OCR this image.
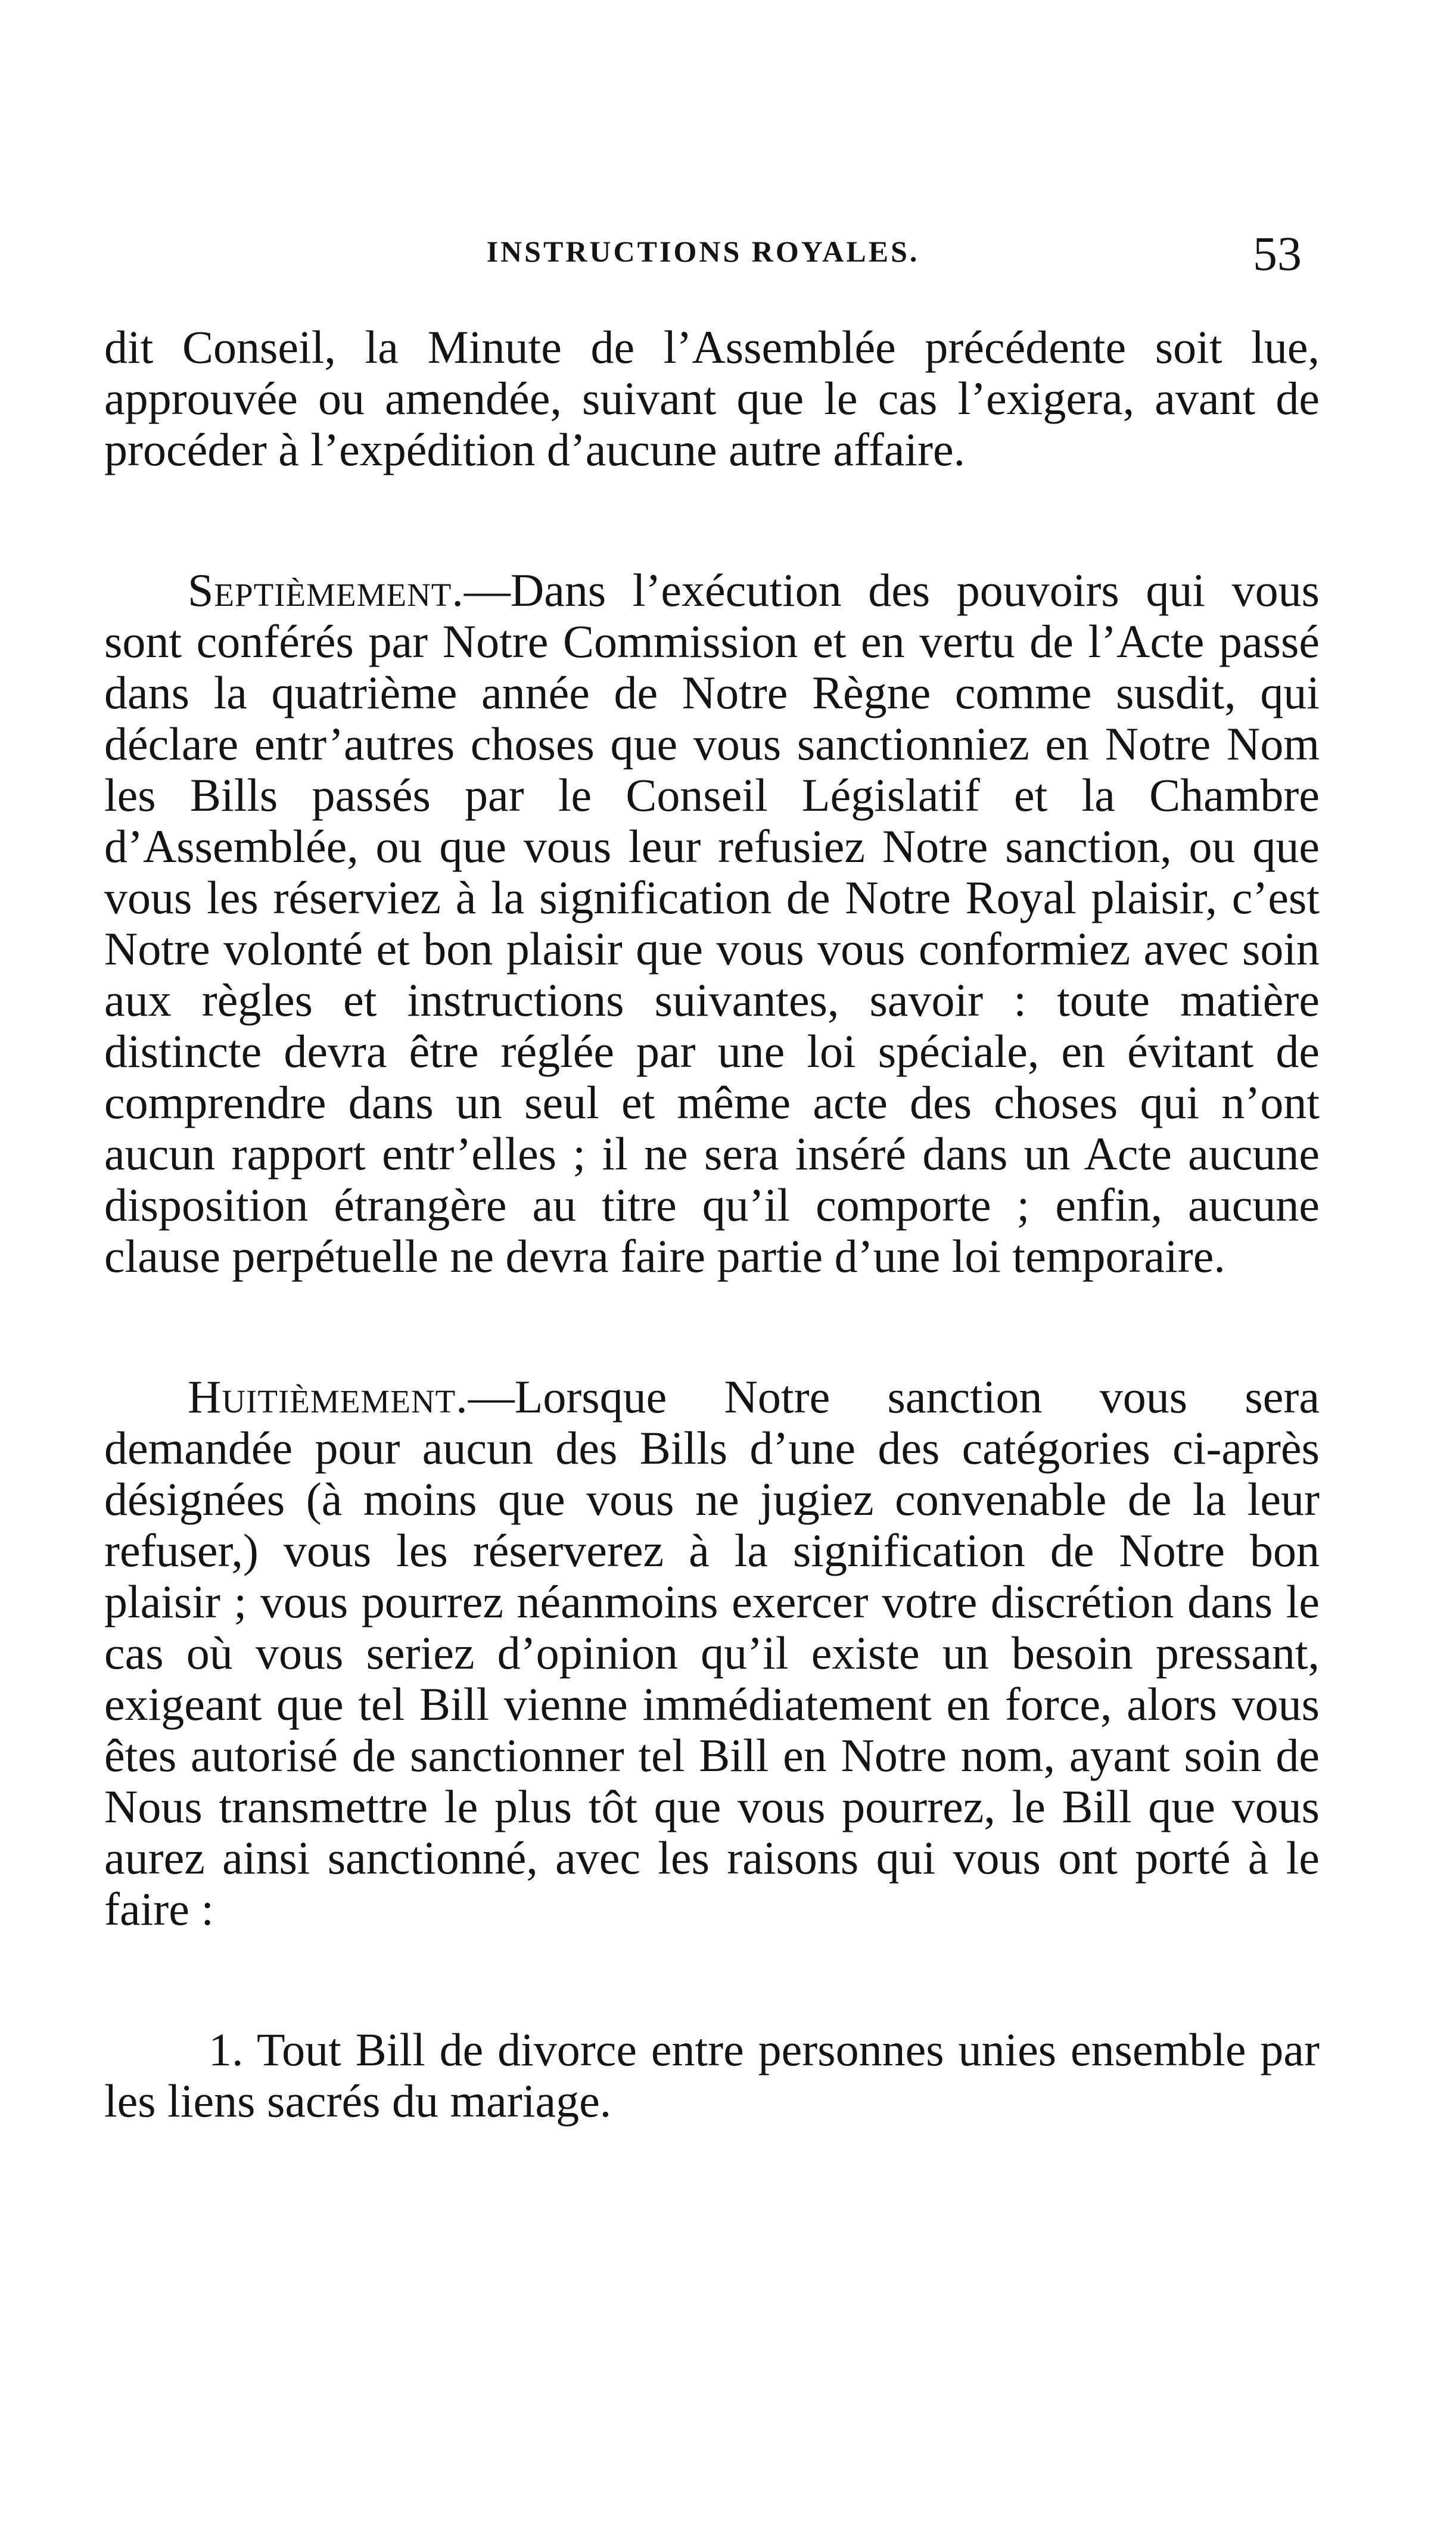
INSTRUCTIONS ROYALES.	53

dit Conseil, la Minute de l’Assemblée précédente soit lue, approuvée ou amendée, suivant que le cas l’exigera, avant de procéder à l’expédition d’aucune autre affaire.

Septièmement.—Dans l’exécution des pouvoirs qui vous sont conférés par Notre Commission et en vertu de l’Acte passé dans la quatrième année de Notre Règne comme susdit, qui déclare entr’autres choses que vous sanctionniez en Notre Nom les Bills passés par le Conseil Législatif et la Chambre d’Assemblée, ou que vous leur refusiez Notre sanction, ou que vous les réserviez à la signification de Notre Royal plaisir, c’est Notre volonté et bon plaisir que vous vous conformiez avec soin aux règles et instructions suivantes, savoir : toute matière distincte devra être réglée par une loi spéciale, en évitant de comprendre dans un seul et même acte des choses qui n’ont aucun rapport entr’elles ; il ne sera inséré dans un Acte aucune disposition étrangère au titre qu’il comporte ; enfin, aucune clause perpétuelle ne devra faire partie d’une loi temporaire.

Huitièmement.—Lorsque Notre sanction vous sera demandée pour aucun des Bills d’une des catégories ci-après désignées (à moins que vous ne jugiez convenable de la leur refuser,) vous les réserverez à la signification de Notre bon plaisir ; vous pourrez néanmoins exercer votre discrétion dans le cas où vous seriez d’opinion qu’il existe un besoin pressant, exigeant que tel Bill vienne immédiatement en force, alors vous êtes autorisé de sanctionner tel Bill en Notre nom, ayant soin de Nous transmettre le plus tôt que vous pourrez, le Bill que vous aurez ainsi sanctionné, avec les raisons qui vous ont porté à le faire :

1. Tout Bill de divorce entre personnes unies ensemble par les liens sacrés du mariage.
